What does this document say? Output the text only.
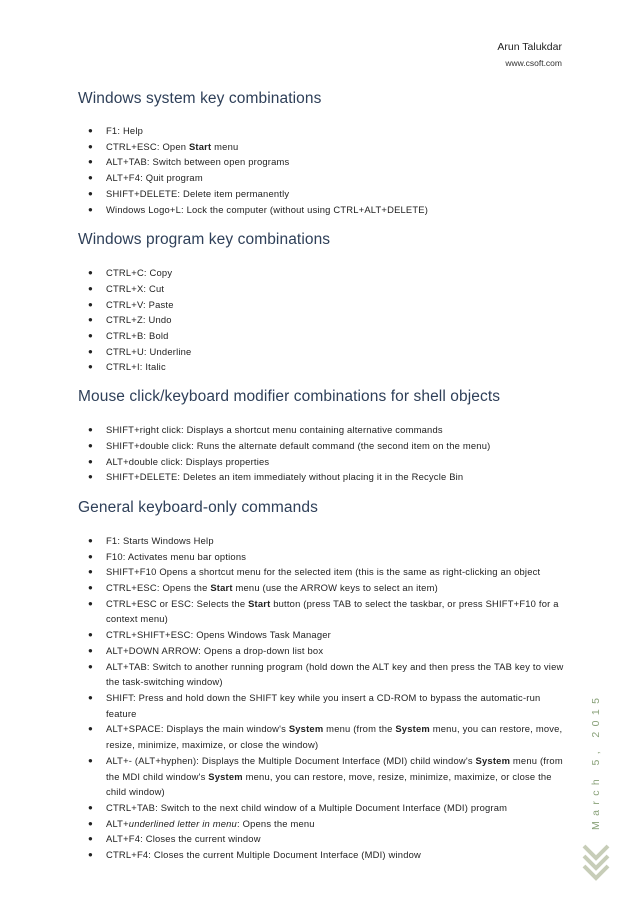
Arun Talukdar
www.csoft.com
Windows system key combinations
● F1: Help
● CTRL+ESC: Open Start menu
● ALT+TAB: Switch between open programs
● ALT+F4: Quit program
● SHIFT+DELETE: Delete item permanently
● Windows Logo+L: Lock the computer (without using CTRL+ALT+DELETE)
Windows program key combinations
● CTRL+C: Copy
● CTRL+X: Cut
● CTRL+V: Paste
● CTRL+Z: Undo
● CTRL+B: Bold
● CTRL+U: Underline
● CTRL+I: Italic
Mouse click/keyboard modifier combinations for shell objects
● SHIFT+right click: Displays a shortcut menu containing alternative commands
● SHIFT+double click: Runs the alternate default command (the second item on the menu)
● ALT+double click: Displays properties
● SHIFT+DELETE: Deletes an item immediately without placing it in the Recycle Bin
General keyboard-only commands
● F1: Starts Windows Help
● F10: Activates menu bar options
● SHIFT+F10 Opens a shortcut menu for the selected item (this is the same as right-clicking an object
● CTRL+ESC: Opens the Start menu (use the ARROW keys to select an item)
● CTRL+ESC or ESC: Selects the Start button (press TAB to select the taskbar, or press SHIFT+F10 for a context menu)
● CTRL+SHIFT+ESC: Opens Windows Task Manager
● ALT+DOWN ARROW: Opens a drop-down list box
● ALT+TAB: Switch to another running program (hold down the ALT key and then press the TAB key to view the task-switching window)
● SHIFT: Press and hold down the SHIFT key while you insert a CD-ROM to bypass the automatic-run feature
● ALT+SPACE: Displays the main window's System menu (from the System menu, you can restore, move, resize, minimize, maximize, or close the window)
● ALT+- (ALT+hyphen): Displays the Multiple Document Interface (MDI) child window's System menu (from the MDI child window's System menu, you can restore, move, resize, minimize, maximize, or close the child window)
● CTRL+TAB: Switch to the next child window of a Multiple Document Interface (MDI) program
● ALT+underlined letter in menu: Opens the menu
● ALT+F4: Closes the current window
● CTRL+F4: Closes the current Multiple Document Interface (MDI) window
March 5, 2015
